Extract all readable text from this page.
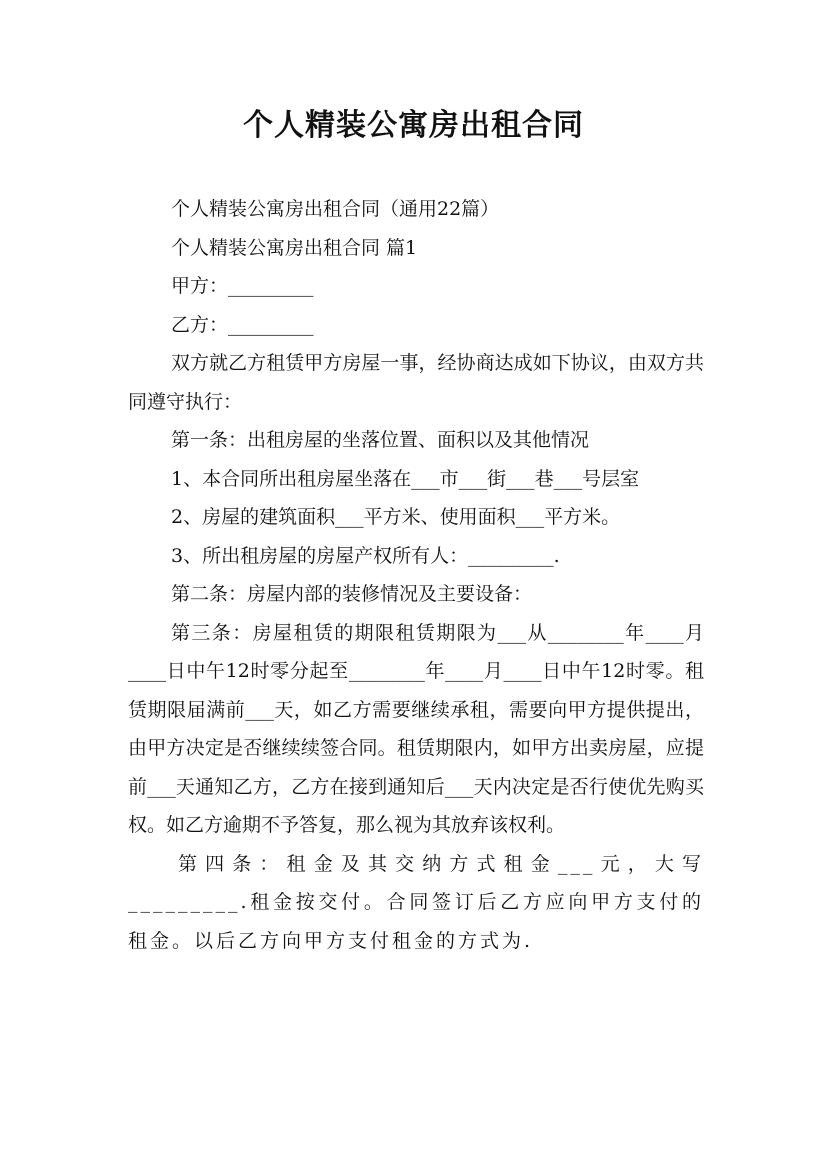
个人精装公寓房出租合同

个人精装公寓房出租合同（通用22篇）

个人精装公寓房出租合同 篇1

甲方：_________

乙方：_________

双方就乙方租赁甲方房屋一事，经协商达成如下协议，由双方共同遵守执行：

第一条：出租房屋的坐落位置、面积以及其他情况

1、本合同所出租房屋坐落在___市___街___巷___号层室

2、房屋的建筑面积___平方米、使用面积___平方米。

3、所出租房屋的房屋产权所有人：_________.

第二条：房屋内部的装修情况及主要设备：

第三条：房屋租赁的期限租赁期限为___从________年____月____日中午12时零分起至________年____月____日中午12时零。租赁期限届满前___天，如乙方需要继续承租，需要向甲方提供提出，由甲方决定是否继续续签合同。租赁期限内，如甲方出卖房屋，应提前___天通知乙方，乙方在接到通知后___天内决定是否行使优先购买权。如乙方逾期不予答复，那么视为其放弃该权利。

第四条：租金及其交纳方式租金___元，大写_________.租金按交付。合同签订后乙方应向甲方支付的租金。以后乙方向甲方支付租金的方式为.
